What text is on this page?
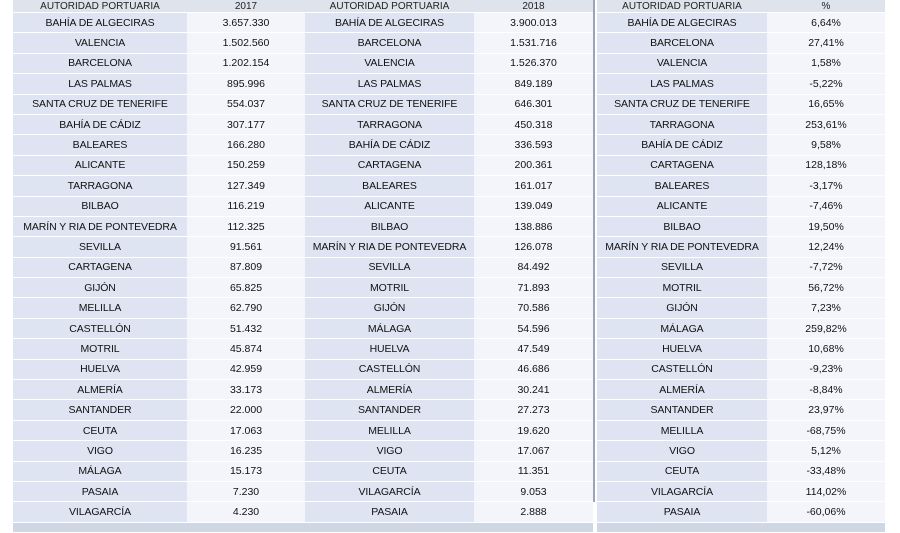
AUTORIDAD PORTUARIA	2017
BAHÍA DE ALGECIRAS	3.657.330
VALENCIA	1.502.560
BARCELONA	1.202.154
LAS PALMAS	895.996
SANTA CRUZ DE TENERIFE	554.037
BAHÍA DE CÁDIZ	307.177
BALEARES	166.280
ALICANTE	150.259
TARRAGONA	127.349
BILBAO	116.219
MARÍN Y RIA DE PONTEVEDRA	112.325
SEVILLA	91.561
CARTAGENA	87.809
GIJÓN	65.825
MELILLA	62.790
CASTELLÓN	51.432
MOTRIL	45.874
HUELVA	42.959
ALMERÍA	33.173
SANTANDER	22.000
CEUTA	17.063
VIGO	16.235
MÁLAGA	15.173
PASAIA	7.230
VILAGARCÍA	4.230

AUTORIDAD PORTUARIA	2018
BAHÍA DE ALGECIRAS	3.900.013
BARCELONA	1.531.716
VALENCIA	1.526.370
LAS PALMAS	849.189
SANTA CRUZ DE TENERIFE	646.301
TARRAGONA	450.318
BAHÍA DE CÁDIZ	336.593
CARTAGENA	200.361
BALEARES	161.017
ALICANTE	139.049
BILBAO	138.886
MARÍN Y RIA DE PONTEVEDRA	126.078
SEVILLA	84.492
MOTRIL	71.893
GIJÓN	70.586
MÁLAGA	54.596
HUELVA	47.549
CASTELLÓN	46.686
ALMERÍA	30.241
SANTANDER	27.273
MELILLA	19.620
VIGO	17.067
CEUTA	11.351
VILAGARCÍA	9.053
PASAIA	2.888

AUTORIDAD PORTUARIA	%
BAHÍA DE ALGECIRAS	6,64%
BARCELONA	27,41%
VALENCIA	1,58%
LAS PALMAS	-5,22%
SANTA CRUZ DE TENERIFE	16,65%
TARRAGONA	253,61%
BAHÍA DE CÁDIZ	9,58%
CARTAGENA	128,18%
BALEARES	-3,17%
ALICANTE	-7,46%
BILBAO	19,50%
MARÍN Y RIA DE PONTEVEDRA	12,24%
SEVILLA	-7,72%
MOTRIL	56,72%
GIJÓN	7,23%
MÁLAGA	259,82%
HUELVA	10,68%
CASTELLÓN	-9,23%
ALMERÍA	-8,84%
SANTANDER	23,97%
MELILLA	-68,75%
VIGO	5,12%
CEUTA	-33,48%
VILAGARCÍA	114,02%
PASAIA	-60,06%
